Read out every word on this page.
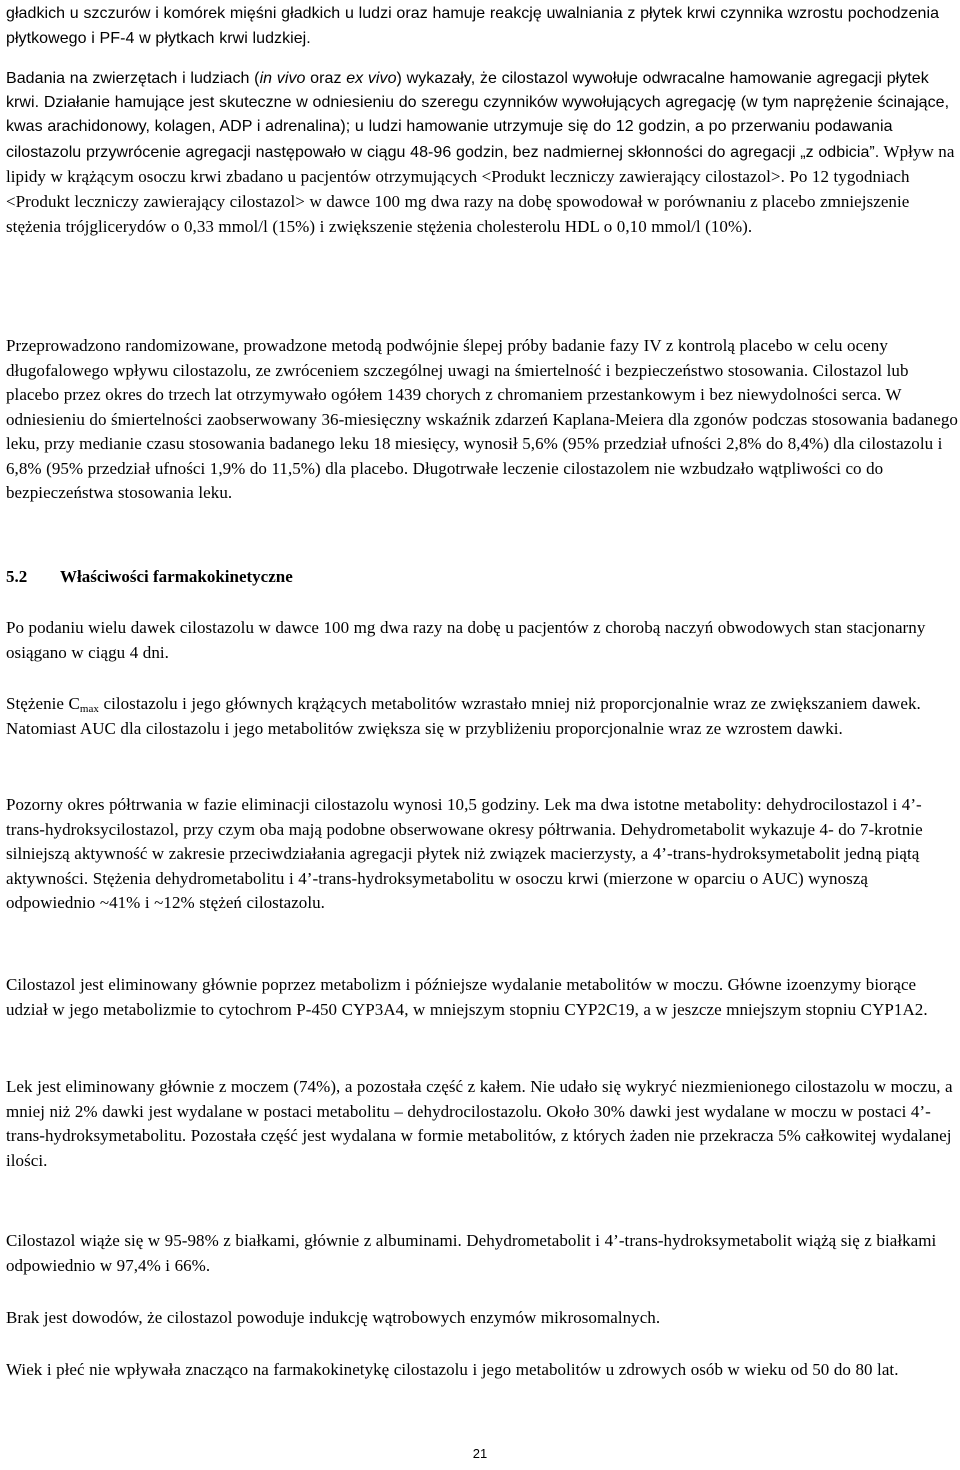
gładkich u szczurów i komórek mięśni gładkich u ludzi oraz hamuje reakcję uwalniania z płytek krwi czynnika wzrostu pochodzenia płytkowego i PF-4 w płytkach krwi ludzkiej.

Badania na zwierzętach i ludziach (in vivo oraz ex vivo) wykazały, że cilostazol wywołuje odwracalne hamowanie agregacji płytek krwi. Działanie hamujące jest skuteczne w odniesieniu do szeregu czynników wywołujących agregację (w tym naprężenie ścinające, kwas arachidonowy, kolagen, ADP i adrenalina); u ludzi hamowanie utrzymuje się do 12 godzin, a po przerwaniu podawania cilostazolu przywrócenie agregacji następowało w ciągu 48-96 godzin, bez nadmiernej skłonności do agregacji „z odbicia”. Wpływ na lipidy w krążącym osoczu krwi zbadano u pacjentów otrzymujących <Produkt leczniczy zawierający cilostazol>. Po 12 tygodniach <Produkt leczniczy zawierający cilostazol> w dawce 100 mg dwa razy na dobę spowodował w porównaniu z placebo zmniejszenie stężenia trójglicerydów o 0,33 mmol/l (15%) i zwiększenie stężenia cholesterolu HDL o 0,10 mmol/l (10%).

Przeprowadzono randomizowane, prowadzone metodą podwójnie ślepej próby badanie fazy IV z kontrolą placebo w celu oceny długofalowego wpływu cilostazolu, ze zwróceniem szczególnej uwagi na śmiertelność i bezpieczeństwo stosowania. Cilostazol lub placebo przez okres do trzech lat otrzymywało ogółem 1439 chorych z chromaniem przestankowym i bez niewydolności serca. W odniesieniu do śmiertelności zaobserwowany 36-miesięczny wskaźnik zdarzeń Kaplana-Meiera dla zgonów podczas stosowania badanego leku, przy medianie czasu stosowania badanego leku 18 miesięcy, wynosił 5,6% (95% przedział ufności 2,8% do 8,4%) dla cilostazolu i 6,8% (95% przedział ufności 1,9% do 11,5%) dla placebo. Długotrwałe leczenie cilostazolem nie wzbudzało wątpliwości co do bezpieczeństwa stosowania leku.

5.2 Właściwości farmakokinetyczne

Po podaniu wielu dawek cilostazolu w dawce 100 mg dwa razy na dobę u pacjentów z chorobą naczyń obwodowych stan stacjonarny osiągano w ciągu 4 dni.

Stężenie $C_{max}$ cilostazolu i jego głównych krążących metabolitów wzrastało mniej niż proporcjonalnie wraz ze zwiększaniem dawek. Natomiast AUC dla cilostazolu i jego metabolitów zwiększa się w przybliżeniu proporcjonalnie wraz ze wzrostem dawki.

Pozorny okres półtrwania w fazie eliminacji cilostazolu wynosi 10,5 godziny. Lek ma dwa istotne metabolity: dehydrocilostazol i 4’-trans-hydroksycilostazol, przy czym oba mają podobne obserwowane okresy półtrwania. Dehydrometabolit wykazuje 4- do 7-krotnie silniejszą aktywność w zakresie przeciwdziałania agregacji płytek niż związek macierzysty, a 4’-trans-hydroksymetabolit jedną piątą aktywności. Stężenia dehydrometabolitu i 4’-trans-hydroksymetabolitu w osoczu krwi (mierzone w oparciu o AUC) wynoszą odpowiednio ~41% i ~12% stężeń cilostazolu.

Cilostazol jest eliminowany głównie poprzez metabolizm i późniejsze wydalanie metabolitów w moczu. Główne izoenzymy biorące udział w jego metabolizmie to cytochrom P-450 CYP3A4, w mniejszym stopniu CYP2C19, a w jeszcze mniejszym stopniu CYP1A2.

Lek jest eliminowany głównie z moczem (74%), a pozostała część z kałem. Nie udało się wykryć niezmienionego cilostazolu w moczu, a mniej niż 2% dawki jest wydalane w postaci metabolitu – dehydrocilostazolu. Około 30% dawki jest wydalane w moczu w postaci 4’-trans-hydroksymetabolitu. Pozostała część jest wydalana w formie metabolitów, z których żaden nie przekracza 5% całkowitej wydalanej ilości.

Cilostazol wiąże się w 95-98% z białkami, głównie z albuminami. Dehydrometabolit i 4’-trans-hydroksymetabolit wiążą się z białkami odpowiednio w 97,4% i 66%.

Brak jest dowodów, że cilostazol powoduje indukcję wątrobowych enzymów mikrosomalnych.

Wiek i płeć nie wpływała znacząco na farmakokinetykę cilostazolu i jego metabolitów u zdrowych osób w wieku od 50 do 80 lat.

21
